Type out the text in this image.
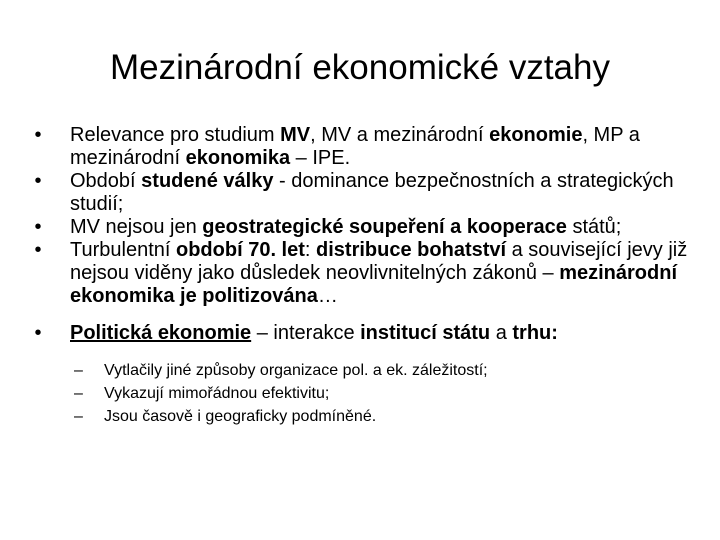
Mezinárodní ekonomické vztahy
•	Relevance pro studium MV, MV a mezinárodní ekonomie, MP a mezinárodní ekonomika – IPE.
•	Období studené války - dominance bezpečnostních a strategických studií;
•	MV nejsou jen geostrategické soupeření a kooperace států;
•	Turbulentní období 70. let: distribuce bohatství a související jevy již nejsou viděny jako důsledek neovlivnitelných zákonů – mezinárodní ekonomika je politizována…
•	Politická ekonomie – interakce institucí státu a trhu:
– Vytlačily jiné způsoby organizace pol. a ek. záležitostí;
– Vykazují mimořádnou efektivitu;
– Jsou časově i geograficky podmíněné.
